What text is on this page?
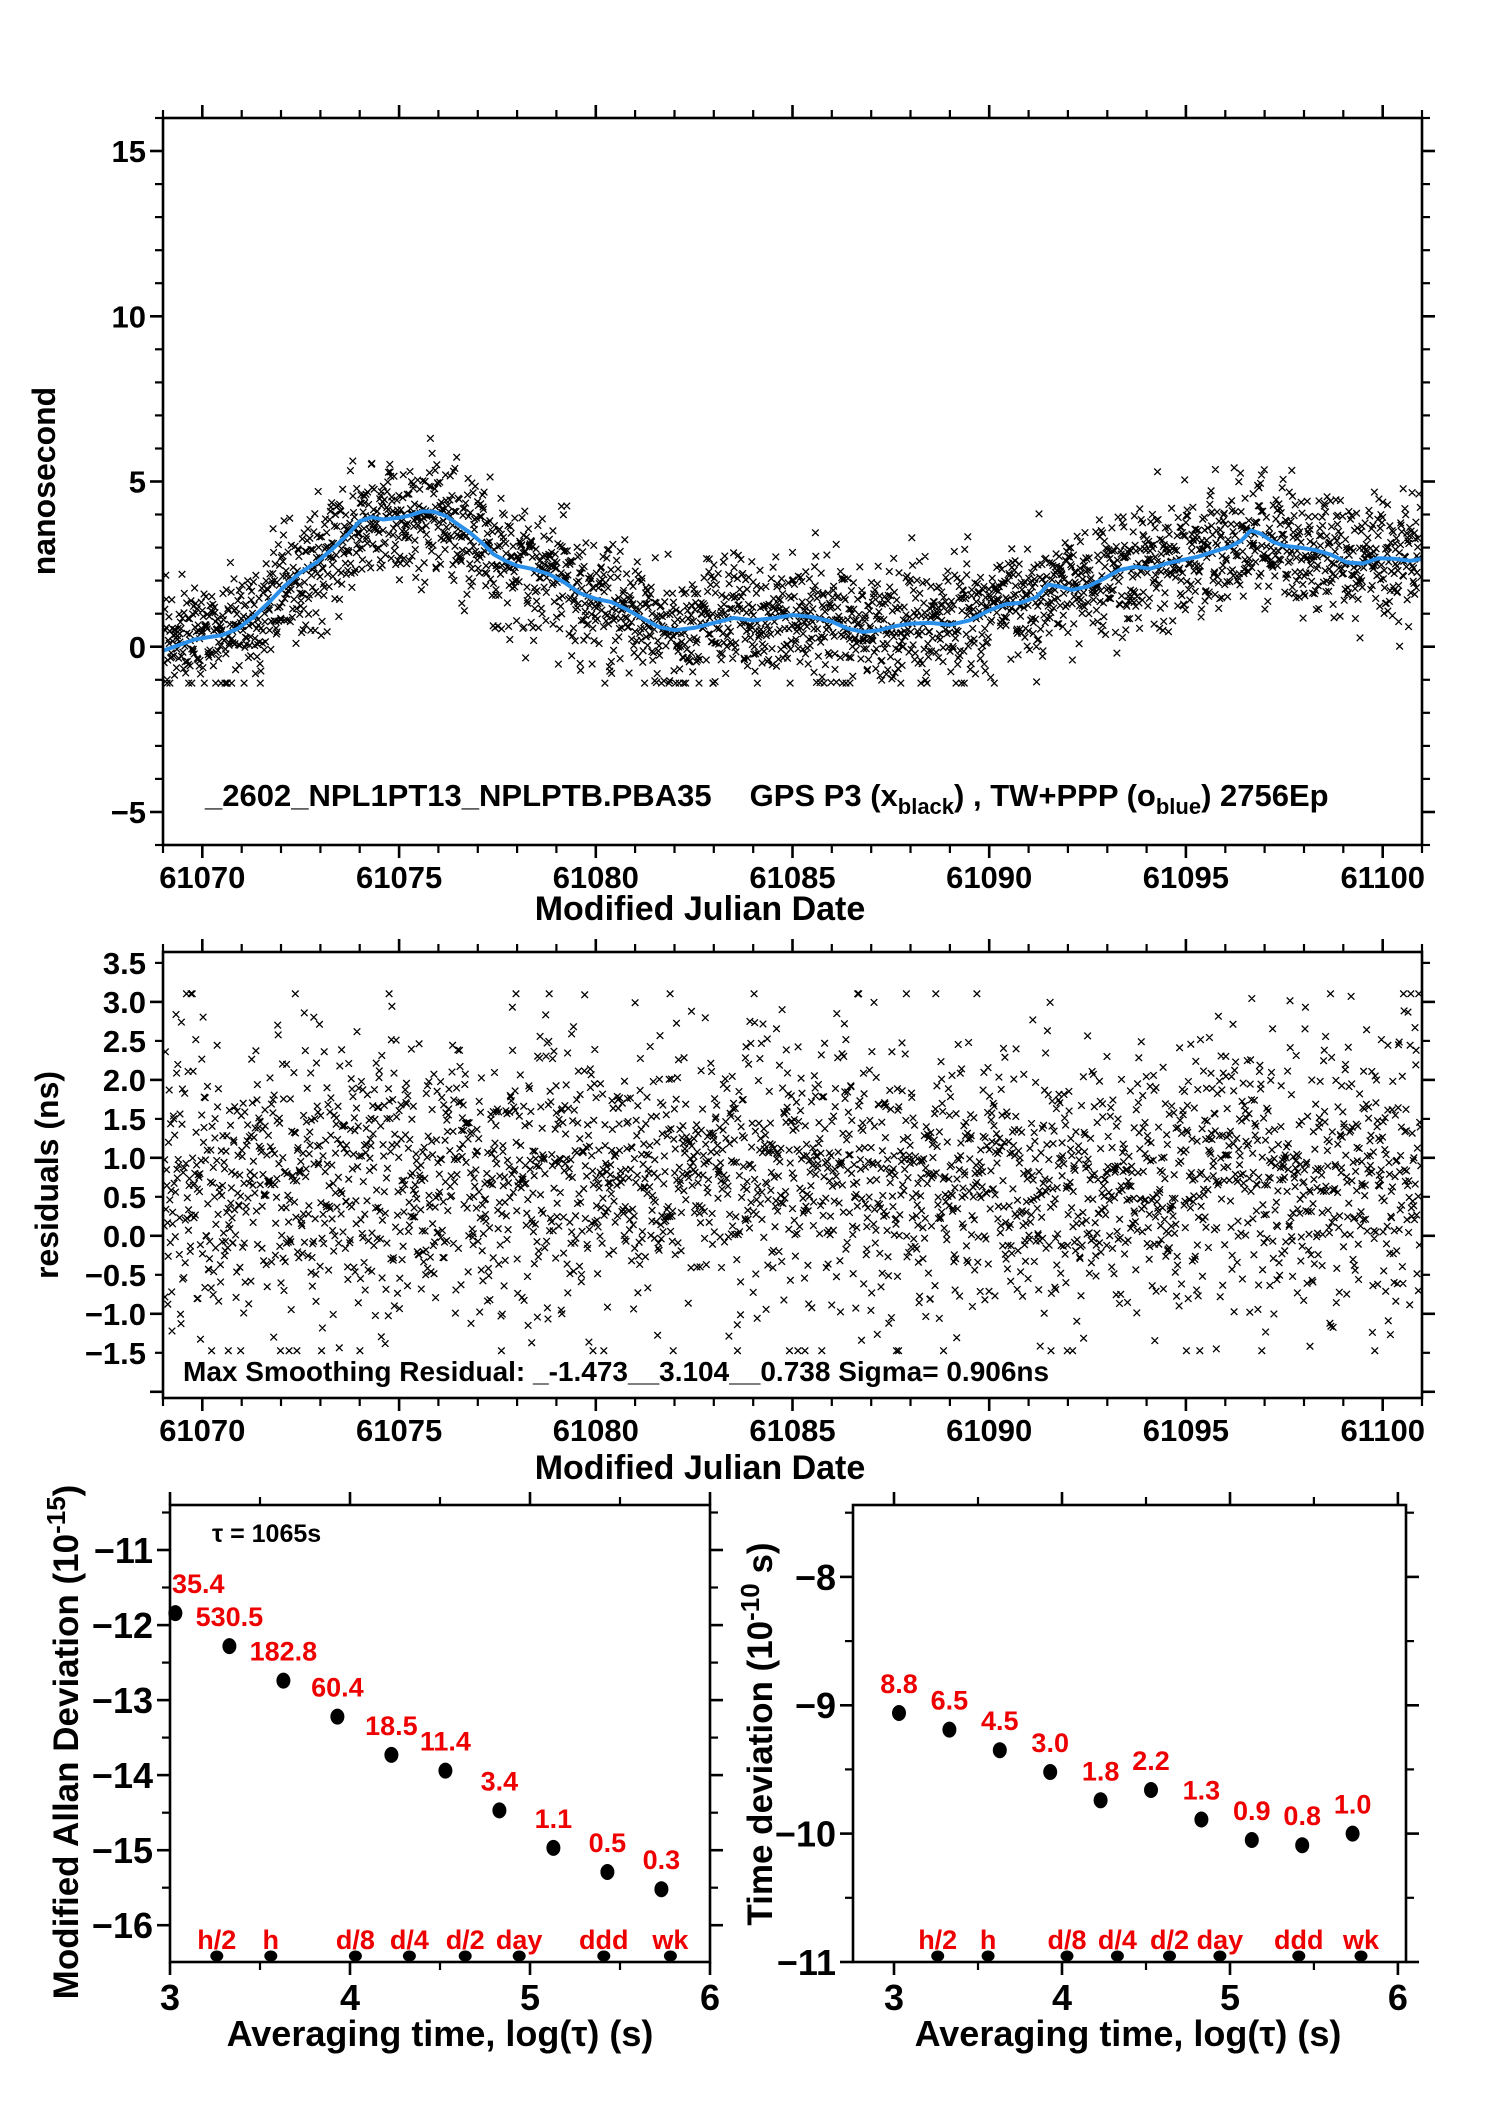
61070	61075	61080	61085	61090	61095	61100
15
10
5
0
−5
nanosecond
Modified Julian Date
_2602_NPL1PT13_NPLPTB.PBA35 GPS P3 $(x_{black})$ , TW+PPP $(o_{blue})$ 2756Ep
61070	61075	61080	61085	61090	61095	61100
3.5
3.0
2.5
2.0
1.5
1.0
0.5
0.0
−0.5
−1.0
−1.5
residuals (ns)
Modified Julian Date
Max Smoothing Residual: _-1.473__3.104__0.738 Sigma= 0.906ns
35.4
530.5
182.8
60.4
18.5
11.4
3.4
1.1
0.5
0.3
h/2 h d/8 d/4 d/2 day ddd wk
3	4	5	6
−11
−12
−13
−14
−15
−16
Modified Allan Deviation $(10^{-15})$
Averaging time, log(τ) (s)
τ = 1065s
8.8
6.5
4.5
3.0
1.8 2.2
1.3
0.9 0.8 1.0
h/2 h d/8 d/4 d/2 day ddd wk
3	4	5	6
−8
−9
−10
−11
Time deviation ($10^{-10}$ s)
Averaging time, log(τ) (s)
